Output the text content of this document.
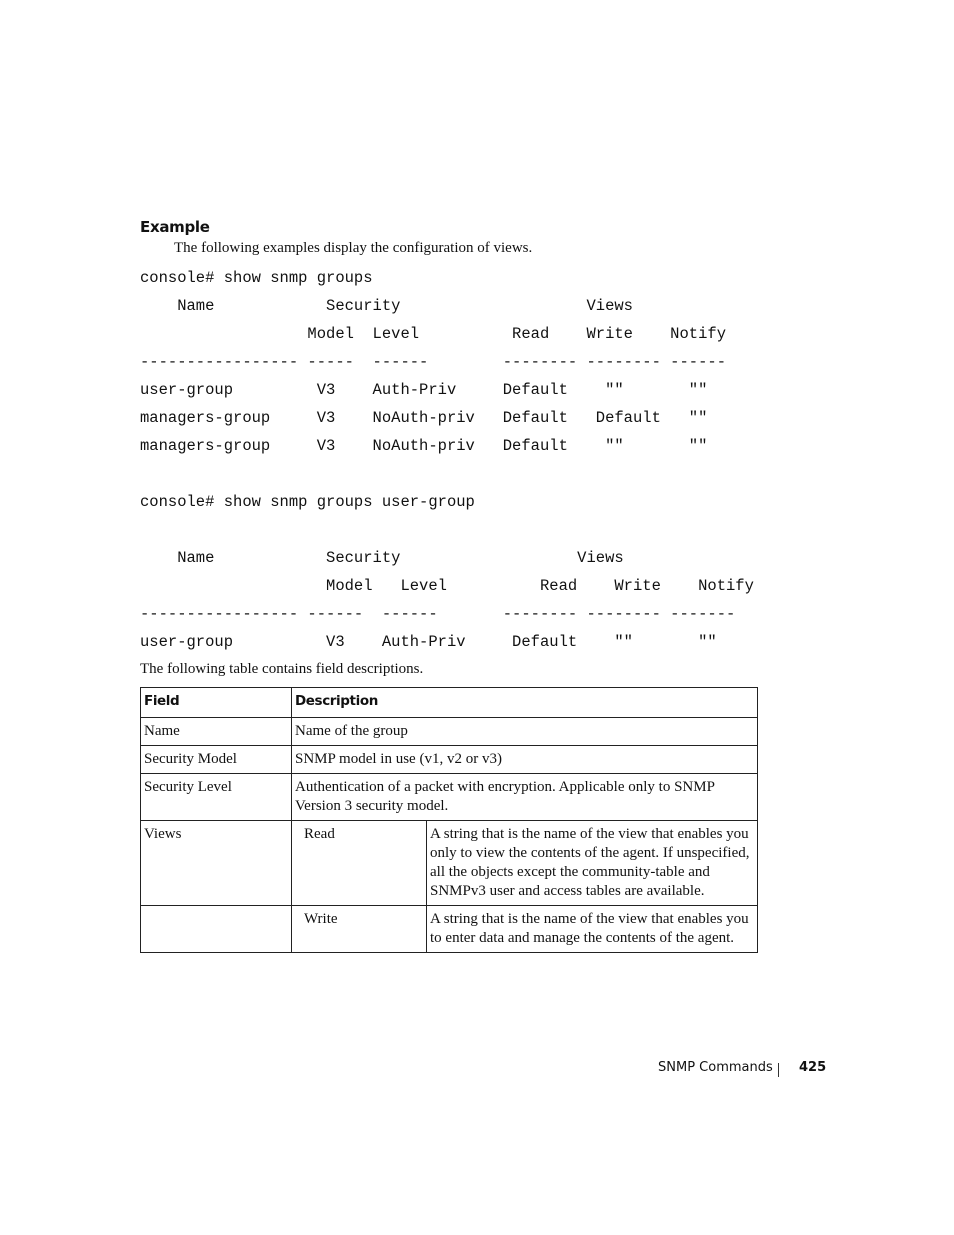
Example
The following examples display the configuration of views.
console# show snmp groups
Name            Security                    Views
Model  Level          Read    Write    Notify
----------------- -----  ------        -------- -------- ------
user-group         V3    Auth-Priv     Default    ""       ""
managers-group     V3    NoAuth-priv   Default   Default   ""
managers-group     V3    NoAuth-priv   Default    ""       ""
console# show snmp groups user-group
Name            Security                   Views
Model   Level          Read    Write    Notify
----------------- ------  ------       -------- -------- -------
user-group          V3    Auth-Priv     Default    ""       ""
The following table contains field descriptions.
Field	Description	
Name	Name of the group	
Security Model	SNMP model in use (v1, v2 or v3)	
Security Level	Authentication of a packet with encryption. Applicable only to SNMP Version 3 security model.	
Views	Read	A string that is the name of the view that enables you only to view the contents of the agent. If unspecified, all the objects except the community-table and SNMPv3 user and access tables are available.
	Write	A string that is the name of the view that enables you to enter data and manage the contents of the agent.
SNMP Commands 425
